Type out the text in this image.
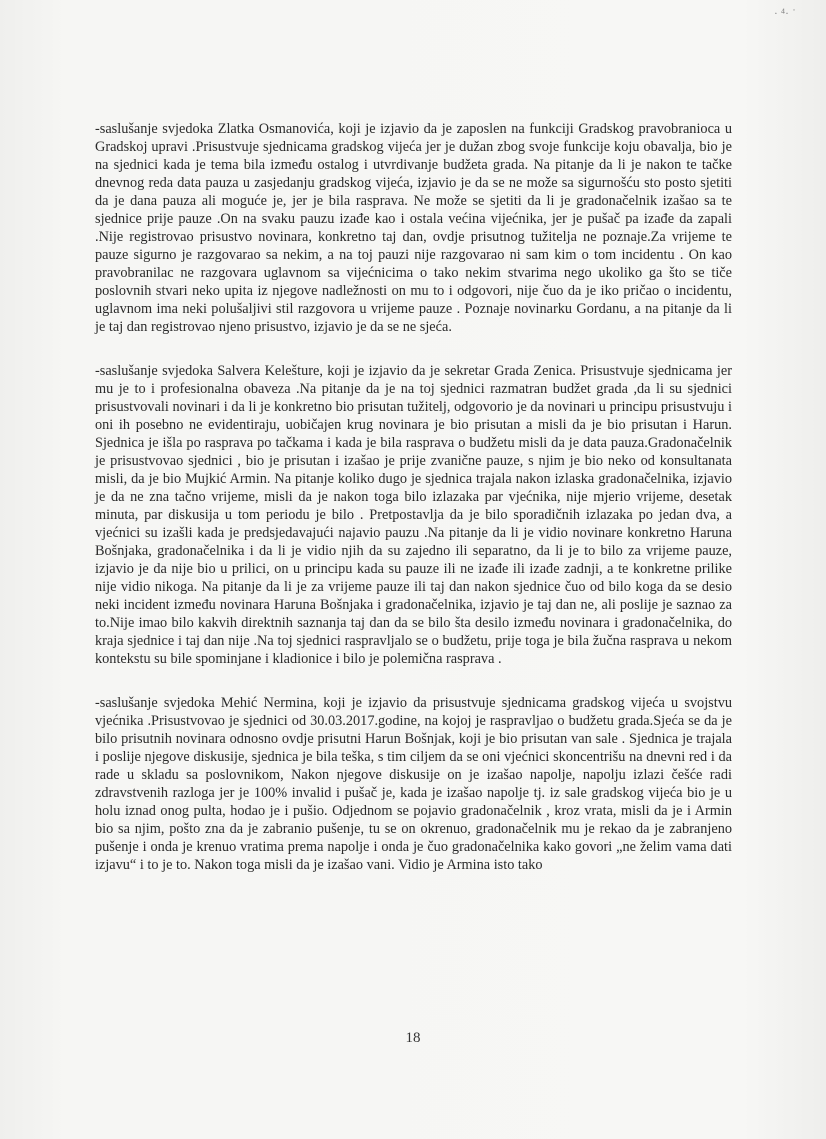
· ⁴· ˙

-saslušanje svjedoka Zlatka Osmanovića, koji je izjavio da je zaposlen na funkciji Gradskog pravobranioca u Gradskoj upravi .Prisustvuje sjednicama gradskog vijeća jer je dužan zbog svoje funkcije koju obavalja, bio je na sjednici kada je tema bila između ostalog i utvrdivanje budžeta grada. Na pitanje da li je nakon te tačke dnevnog reda data pauza u zasjedanju gradskog vijeća, izjavio je da se ne može sa sigurnošću sto posto sjetiti da je dana pauza ali moguće je, jer je bila rasprava. Ne može se sjetiti da li je gradonačelnik izašao sa te sjednice prije pauze .On na svaku pauzu izađe kao i ostala većina vijećnika, jer je pušač pa izađe da zapali .Nije registrovao prisustvo novinara, konkretno taj dan, ovdje prisutnog tužitelja ne poznaje.Za vrijeme te pauze sigurno je razgovarao sa nekim, a na toj pauzi nije razgovarao ni sam kim o tom incidentu . On kao pravobranilac ne razgovara uglavnom sa vijećnicima o tako nekim stvarima nego ukoliko ga što se tiče poslovnih stvari neko upita iz njegove nadležnosti on mu to i odgovori, nije čuo da je iko pričao o incidentu, uglavnom ima neki polušaljivi stil razgovora u vrijeme pauze . Poznaje novinarku Gordanu, a na pitanje da li je taj dan registrovao njeno prisustvo, izjavio je da se ne sjeća.

-saslušanje svjedoka Salvera Kelešture, koji je izjavio da je sekretar Grada Zenica. Prisustvuje sjednicama jer mu je to i profesionalna obaveza .Na pitanje da je na toj sjednici razmatran budžet grada ,da li su sjednici prisustvovali novinari i da li je konkretno bio prisutan tužitelj, odgovorio je da novinari u principu prisustvuju i oni ih posebno ne evidentiraju, uobičajen krug novinara je bio prisutan a misli da je bio prisutan i Harun. Sjednica je išla po raspravа po tačkama i kada je bila rasprava o budžetu misli da je data pauza.Gradonačelnik je prisustvovao sjednici , bio je prisutan i izašao je prije zvanične pauze, s njim je bio neko od konsultanata misli, da je bio Mujkić Armin. Na pitanje koliko dugo je sjednica trajala nakon izlaska gradonačelnika, izjavio je da ne zna tačno vrijeme, misli da je nakon toga bilo izlazaka par vjećnika, nije mjerio vrijeme, desetak minuta, par diskusija u tom periodu je bilo . Pretpostavlja da je bilo sporadičnih izlazaka po jedan dva, a vjećnici su izašli kada je predsjedavajući najavio pauzu .Na pitanje da li je vidio novinare konkretno Haruna Bošnjaka, gradonačelnika i da li je vidio njih da su zajedno ili separatno, da li je to bilo za vrijeme pauze, izjavio je da nije bio u prilici, on u principu kada su pauze ili ne izađe ili izađe zadnji, a te konkretne prilike nije vidio nikoga. Na pitanje da li je za vrijeme pauze ili taj dan nakon sjednice čuo od bilo koga da se desio neki incident između novinara Haruna Bošnjaka i gradonačelnika, izjavio je taj dan ne, ali poslije je saznao za to.Nije imao bilo kakvih direktnih saznanja taj dan da se bilo šta desilo između novinara i gradonačelnika, do kraja sjednice i taj dan nije .Na toj sjednici raspravljalo se o budžetu, prije toga je bila žučna rasprava u nekom kontekstu su bile spominjane i kladionice i bilo je polemična rasprava .

-saslušanje svjedoka Mehić Nermina, koji je izjavio da prisustvuje sjednicama gradskog vijeća u svojstvu vjećnika .Prisustvovao je sjednici od 30.03.2017.godine, na kojoj je raspravljao o budžetu grada.Sjeća se da je bilo prisutnih novinara odnosno ovdje prisutni Harun Bošnjak, koji je bio prisutan van sale . Sjednica je trajala i poslije njegove diskusije, sjednica je bila teška, s tim ciljem da se oni vjećnici skoncentrišu na dnevni red i da rade u skladu sa poslovnikom, Nakon njegove diskusije on je izašao napolje, napolju izlazi češće radi zdravstvenih razloga jer je 100% invalid i pušač je, kada je izašao napolje tj. iz sale gradskog vijeća bio je u holu iznad onog pulta, hodao je i pušio. Odjednom se pojavio gradonačelnik , kroz vrata, misli da je i Armin bio sa njim, pošto zna da je zabranio pušenje, tu se on okrenuo, gradonačelnik mu je rekao da je zabranjeno pušenje i onda je krenuo vratima prema napolje i onda je čuo gradonačelnika kako govori „ne želim vama dati izjavu“ i to je to. Nakon toga misli da je izašao vani. Vidio je Armina isto tako

18
